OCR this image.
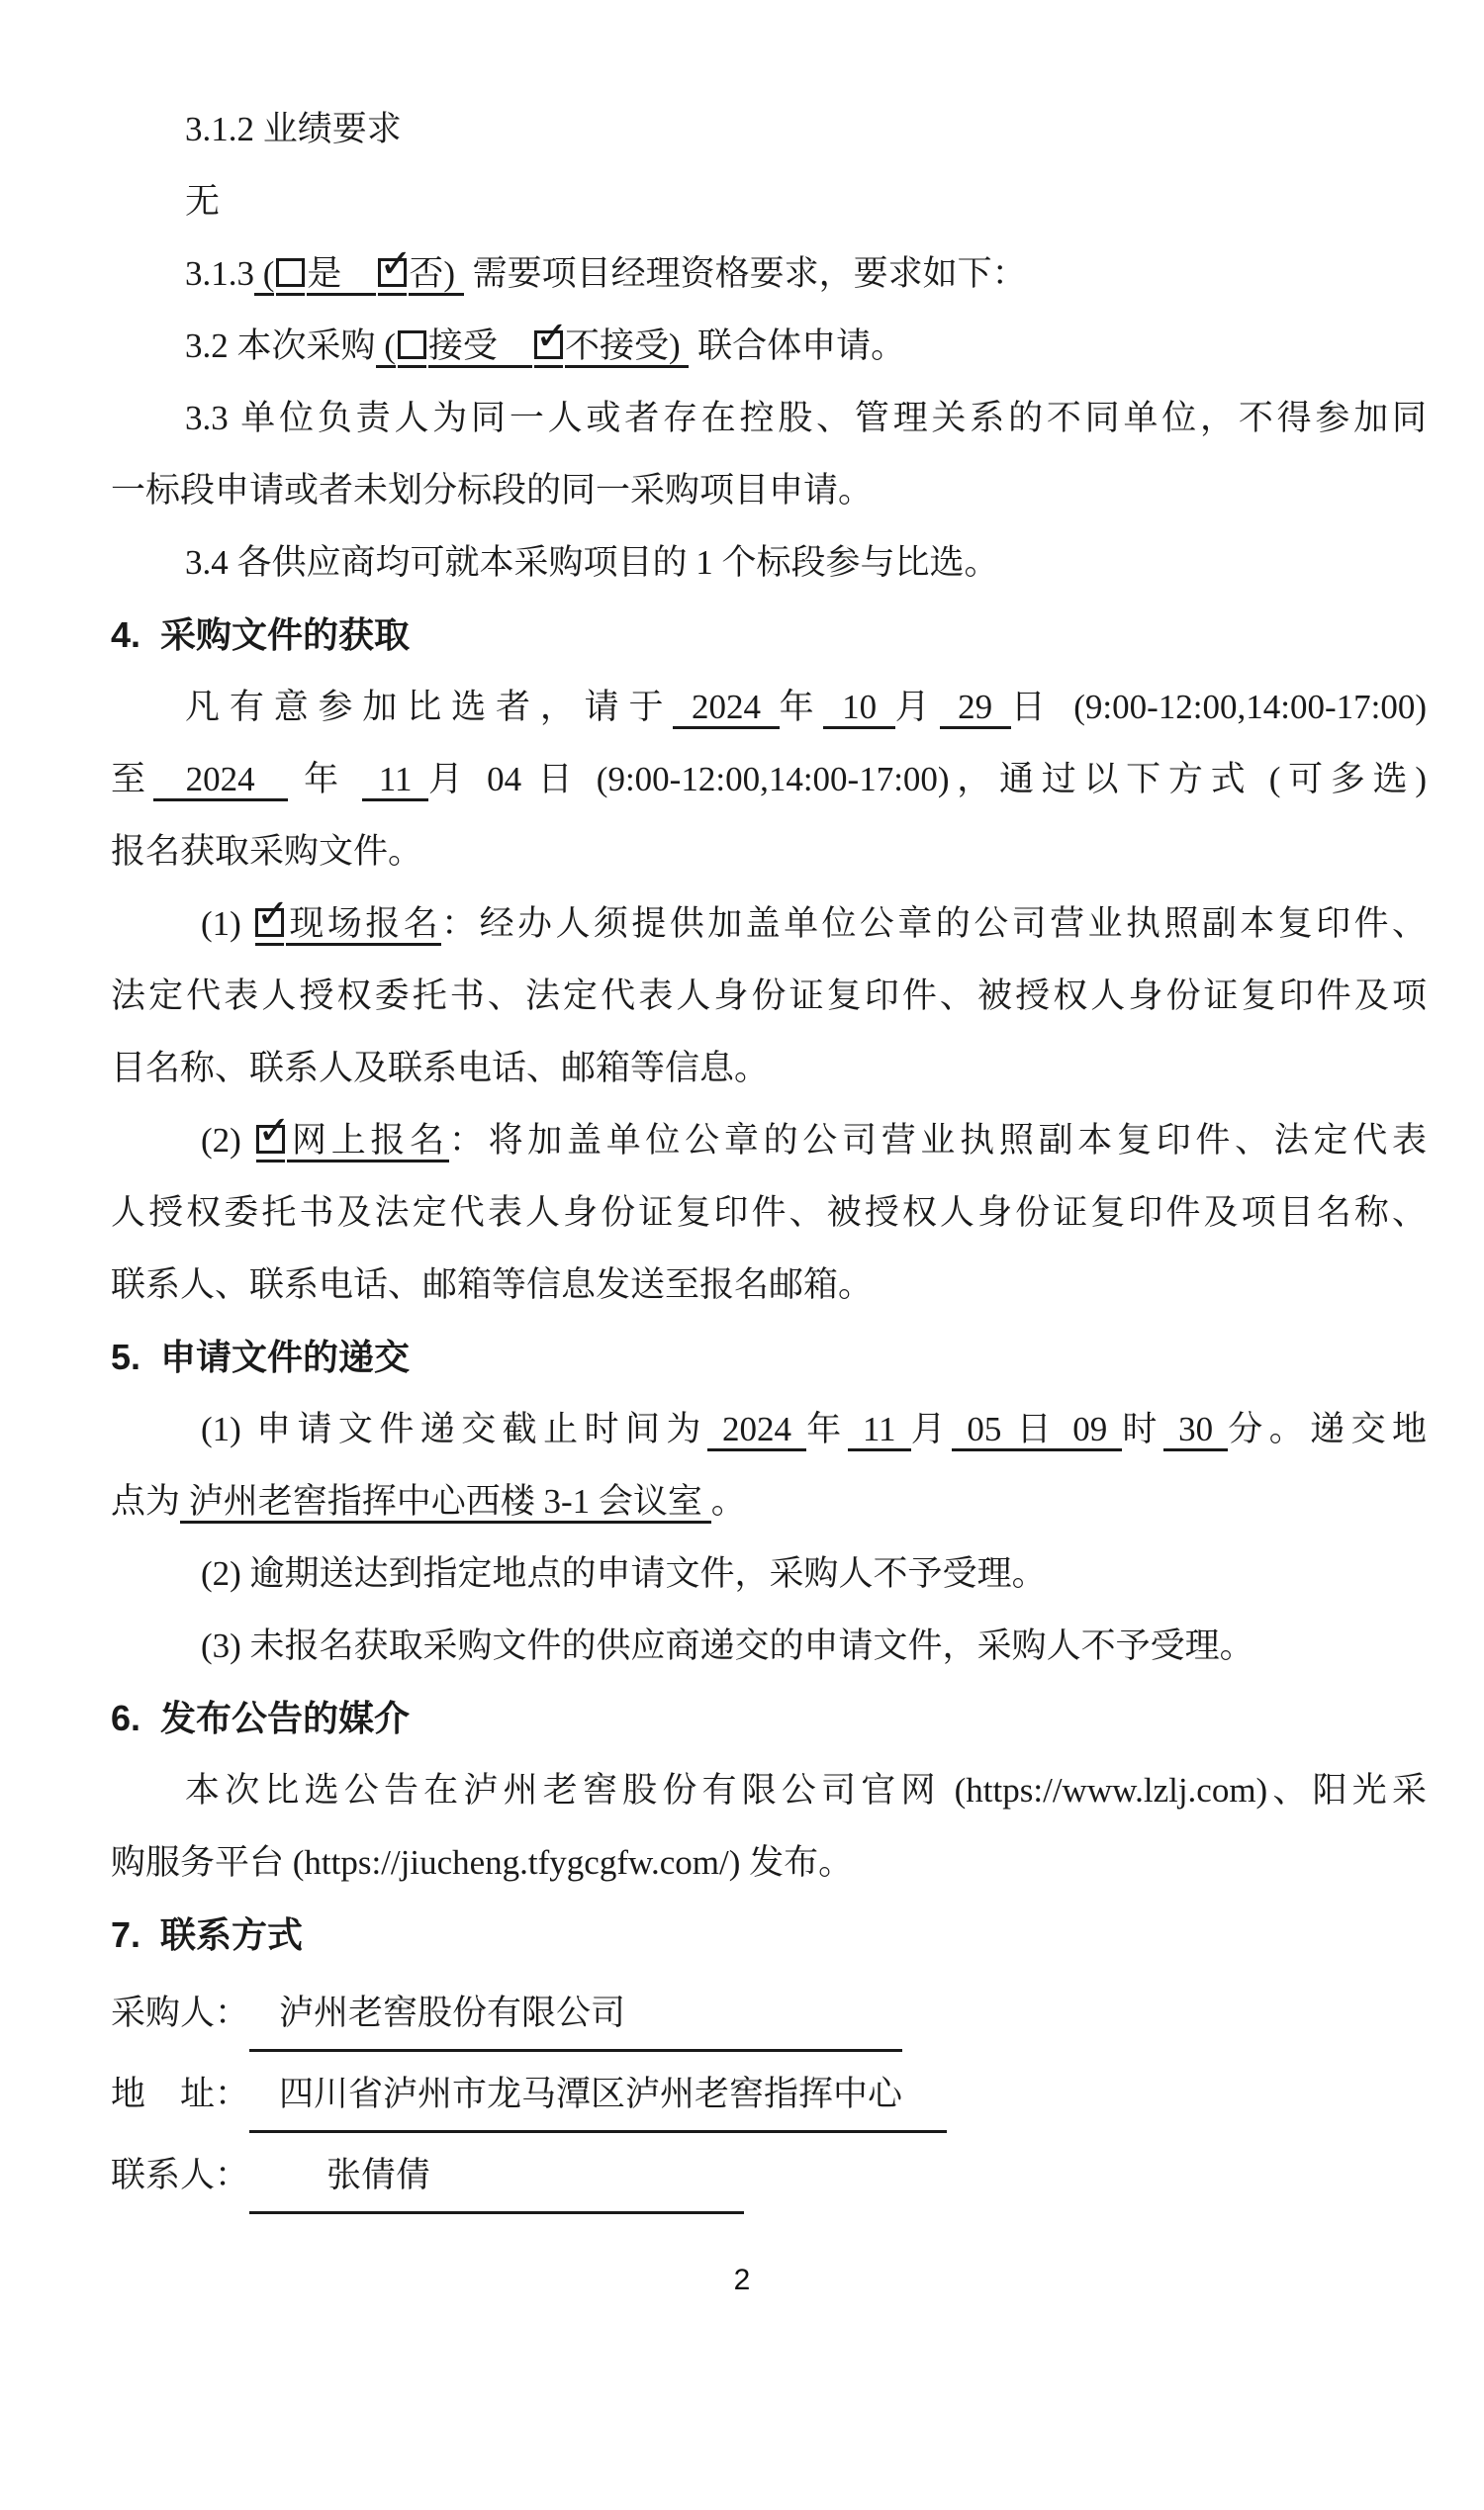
3.1.2 业绩要求
无
3.1.3 ( 是　 ✓
否)  需要项目经理资格要求，要求如下：
3.2 本次采购 ( 接受　 ✓
不接受)  联合体申请。
3.3 单位负责人为同一人或者存在控股、管理关系的不同单位，不得参加同
一标段申请或者未划分标段的同一采购项目申请。
3.4 各供应商均可就本采购项目的 1 个标段参与比选。
4.  采购文件的获取
凡有意参加比选者，请于 2024 年 10 月 29 日 (9:00-12:00,14:00-17:00)
至  2024   年  11 月 04 日 (9:00-12:00,14:00-17:00)，通过以下方式 (可多选)
报名获取采购文件。
(1) ✓
现场报名：经办人须提供加盖单位公章的公司营业执照副本复印件、
法定代表人授权委托书、法定代表人身份证复印件、被授权人身份证复印件及项
目名称、联系人及联系电话、邮箱等信息。
(2) ✓
网上报名：将加盖单位公章的公司营业执照副本复印件、法定代表
人授权委托书及法定代表人身份证复印件、被授权人身份证复印件及项目名称、
联系人、联系电话、邮箱等信息发送至报名邮箱。
5.  申请文件的递交
(1) 申请文件递交截止时间为 2024 年 11 月 05 日 09 时 30 分。递交地
点为 泸州老窖指挥中心西楼 3-1 会议室 。
(2) 逾期送达到指定地点的申请文件，采购人不予受理。
(3) 未报名获取采购文件的供应商递交的申请文件，采购人不予受理。
6.  发布公告的媒介
本次比选公告在泸州老窖股份有限公司官网 (https://www.lzlj.com)、阳光采
购服务平台 (https://jiucheng.tfygcgfw.com/) 发布。
7.  联系方式
采购人： 泸州老窖股份有限公司
地　址： 四川省泸州市龙马潭区泸州老窖指挥中心
联系人： 张倩倩
2
